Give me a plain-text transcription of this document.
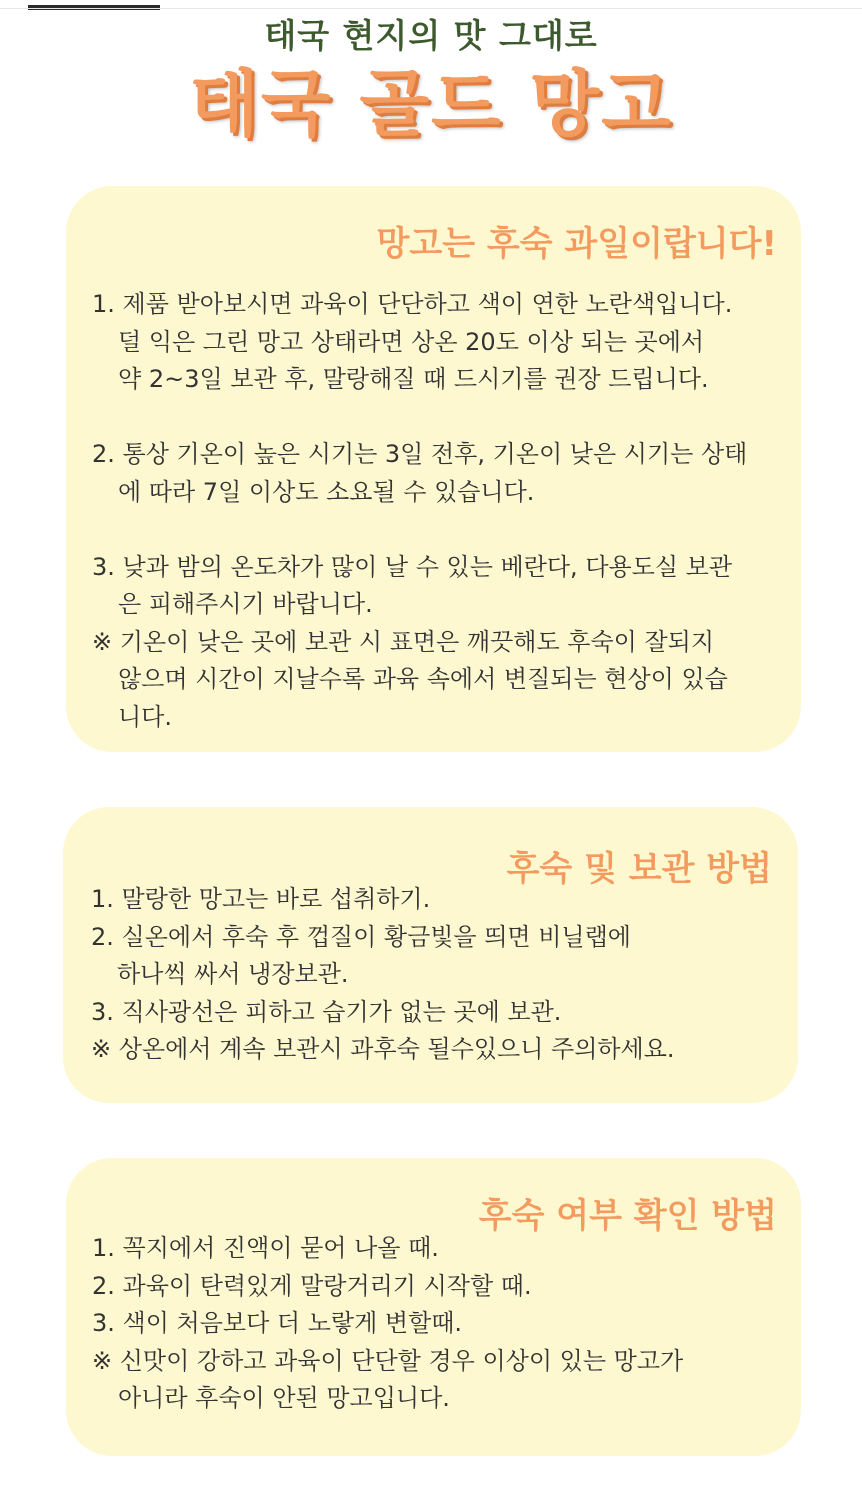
태국 현지의 맛 그대로
태국 골드 망고
망고는 후숙 과일이랍니다!
1. 제품 받아보시면 과육이 단단하고 색이 연한 노란색입니다.
덜 익은 그린 망고 상태라면 상온 20도 이상 되는 곳에서
약 2~3일 보관 후, 말랑해질 때 드시기를 권장 드립니다.
2. 통상 기온이 높은 시기는 3일 전후, 기온이 낮은 시기는 상태
에 따라 7일 이상도 소요될 수 있습니다.
3. 낮과 밤의 온도차가 많이 날 수 있는 베란다, 다용도실 보관
은 피해주시기 바랍니다.
※ 기온이 낮은 곳에 보관 시 표면은 깨끗해도 후숙이 잘되지
않으며 시간이 지날수록 과육 속에서 변질되는 현상이 있습
니다.
후숙 및 보관 방법
1. 말랑한 망고는 바로 섭취하기.
2. 실온에서 후숙 후 껍질이 황금빛을 띄면 비닐랩에
하나씩 싸서 냉장보관.
3. 직사광선은 피하고 습기가 없는 곳에 보관.
※ 상온에서 계속 보관시 과후숙 될수있으니 주의하세요.
후숙 여부 확인 방법
1. 꼭지에서 진액이 묻어 나올 때.
2. 과육이 탄력있게 말랑거리기 시작할 때.
3. 색이 처음보다 더 노랗게 변할때.
※ 신맛이 강하고 과육이 단단할 경우 이상이 있는 망고가
아니라 후숙이 안된 망고입니다.
